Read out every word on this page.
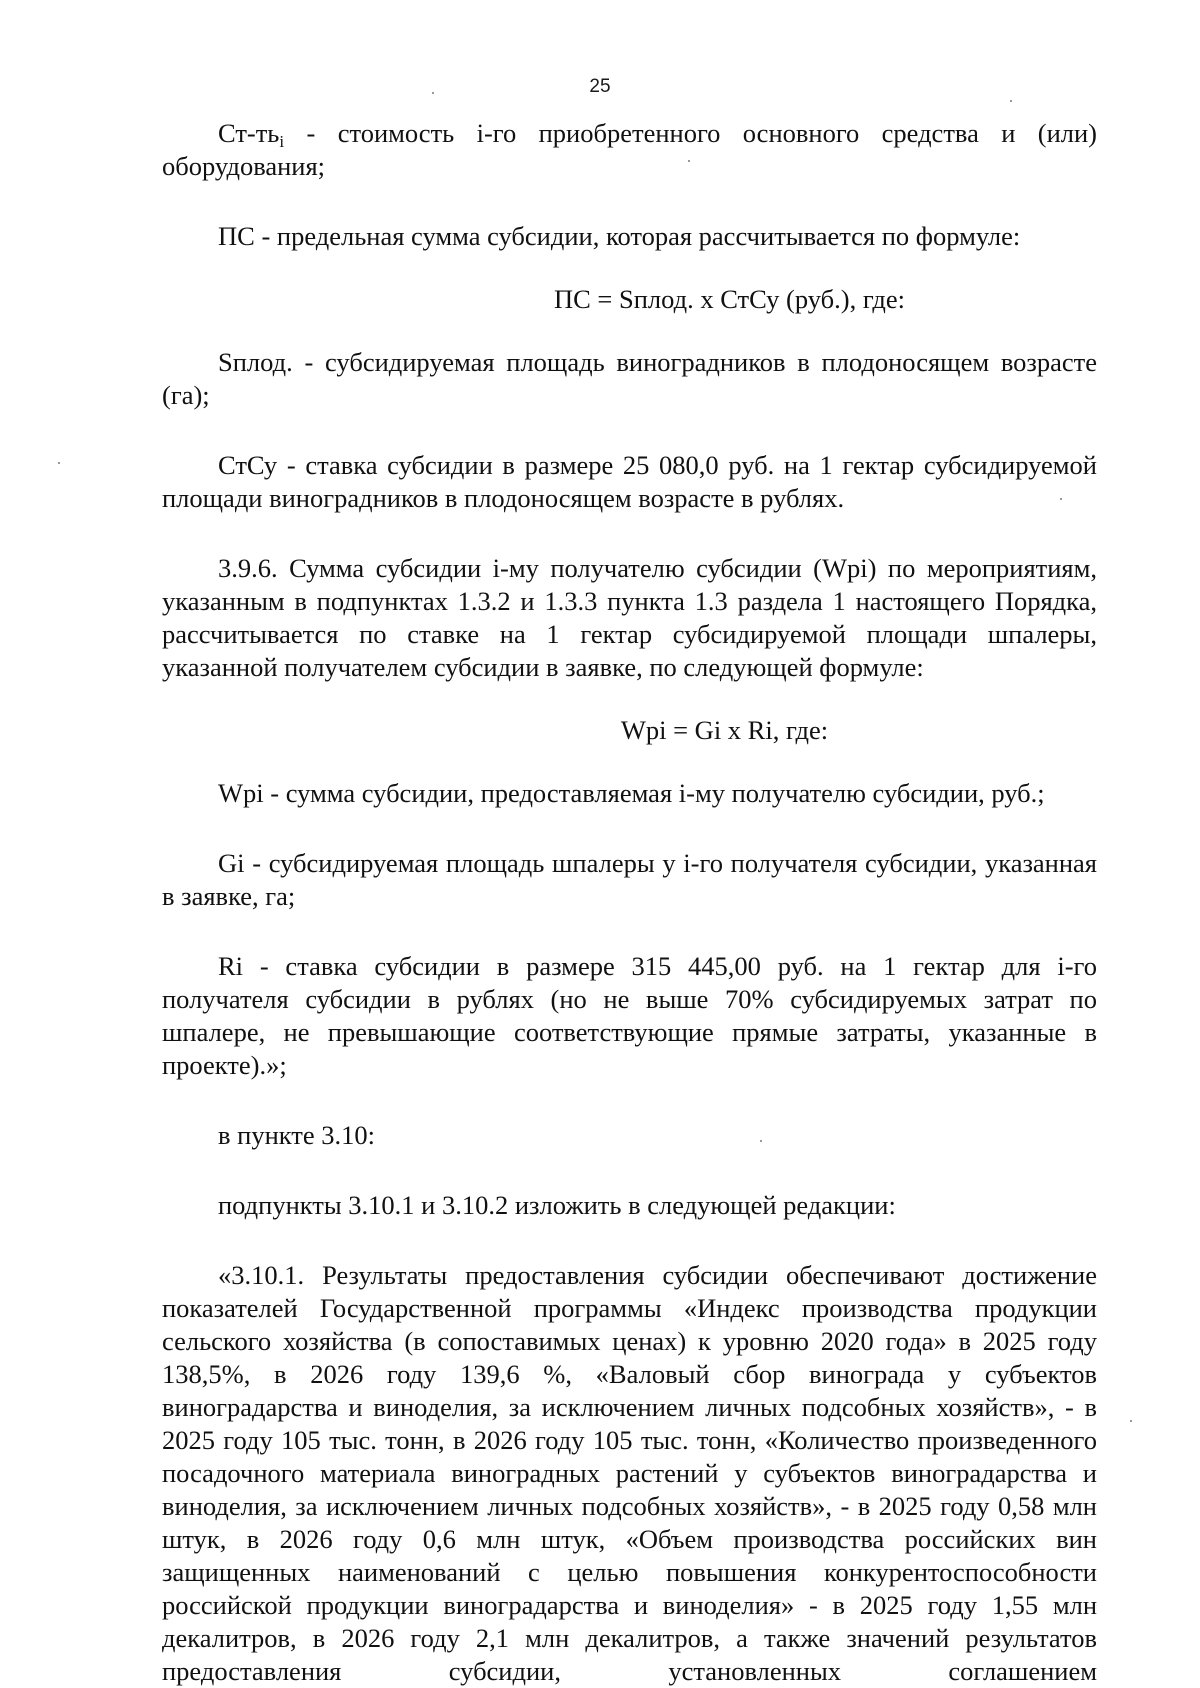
25

$Ст-ть_i$ - стоимость i-го приобретенного основного средства и (или) оборудования;

ПС - предельная сумма субсидии, которая рассчитывается по формуле:

ПС = Sплод. х СтСу (руб.), где:

Sплод. - субсидируемая площадь виноградников в плодоносящем возрасте (га);

СтСу - ставка субсидии в размере 25 080,0 руб. на 1 гектар субсидируемой площади виноградников в плодоносящем возрасте в рублях.

3.9.6. Сумма субсидии i-му получателю субсидии (Wpi) по мероприятиям, указанным в подпунктах 1.3.2 и 1.3.3 пункта 1.3 раздела 1 настоящего Порядка, рассчитывается по ставке на 1 гектар субсидируемой площади шпалеры, указанной получателем субсидии в заявке, по следующей формуле:

Wpi = Gi х Ri, где:

Wpi - сумма субсидии, предоставляемая i-му получателю субсидии, руб.;

Gi - субсидируемая площадь шпалеры у i-го получателя субсидии, указанная в заявке, га;

Ri - ставка субсидии в размере 315 445,00 руб. на 1 гектар для i-го получателя субсидии в рублях (но не выше 70% субсидируемых затрат по шпалере, не превышающие соответствующие прямые затраты, указанные в проекте).»;

в пункте 3.10:

подпункты 3.10.1 и 3.10.2 изложить в следующей редакции:

«3.10.1. Результаты предоставления субсидии обеспечивают достижение показателей Государственной программы «Индекс производства продукции сельского хозяйства (в сопоставимых ценах) к уровню 2020 года» в 2025 году 138,5%, в 2026 году 139,6 %, «Валовый сбор винограда у субъектов виноградарства и виноделия, за исключением личных подсобных хозяйств», - в 2025 году 105 тыс. тонн, в 2026 году 105 тыс. тонн, «Количество произведенного посадочного материала виноградных растений у субъектов виноградарства и виноделия, за исключением личных подсобных хозяйств», - в 2025 году 0,58 млн штук, в 2026 году 0,6 млн штук, «Объем производства российских вин защищенных наименований с целью повышения конкурентоспособности российской продукции виноградарства и виноделия» - в 2025 году 1,55 млн декалитров, в 2026 году 2,1 млн декалитров, а также значений результатов предоставления субсидии, установленных соглашением
